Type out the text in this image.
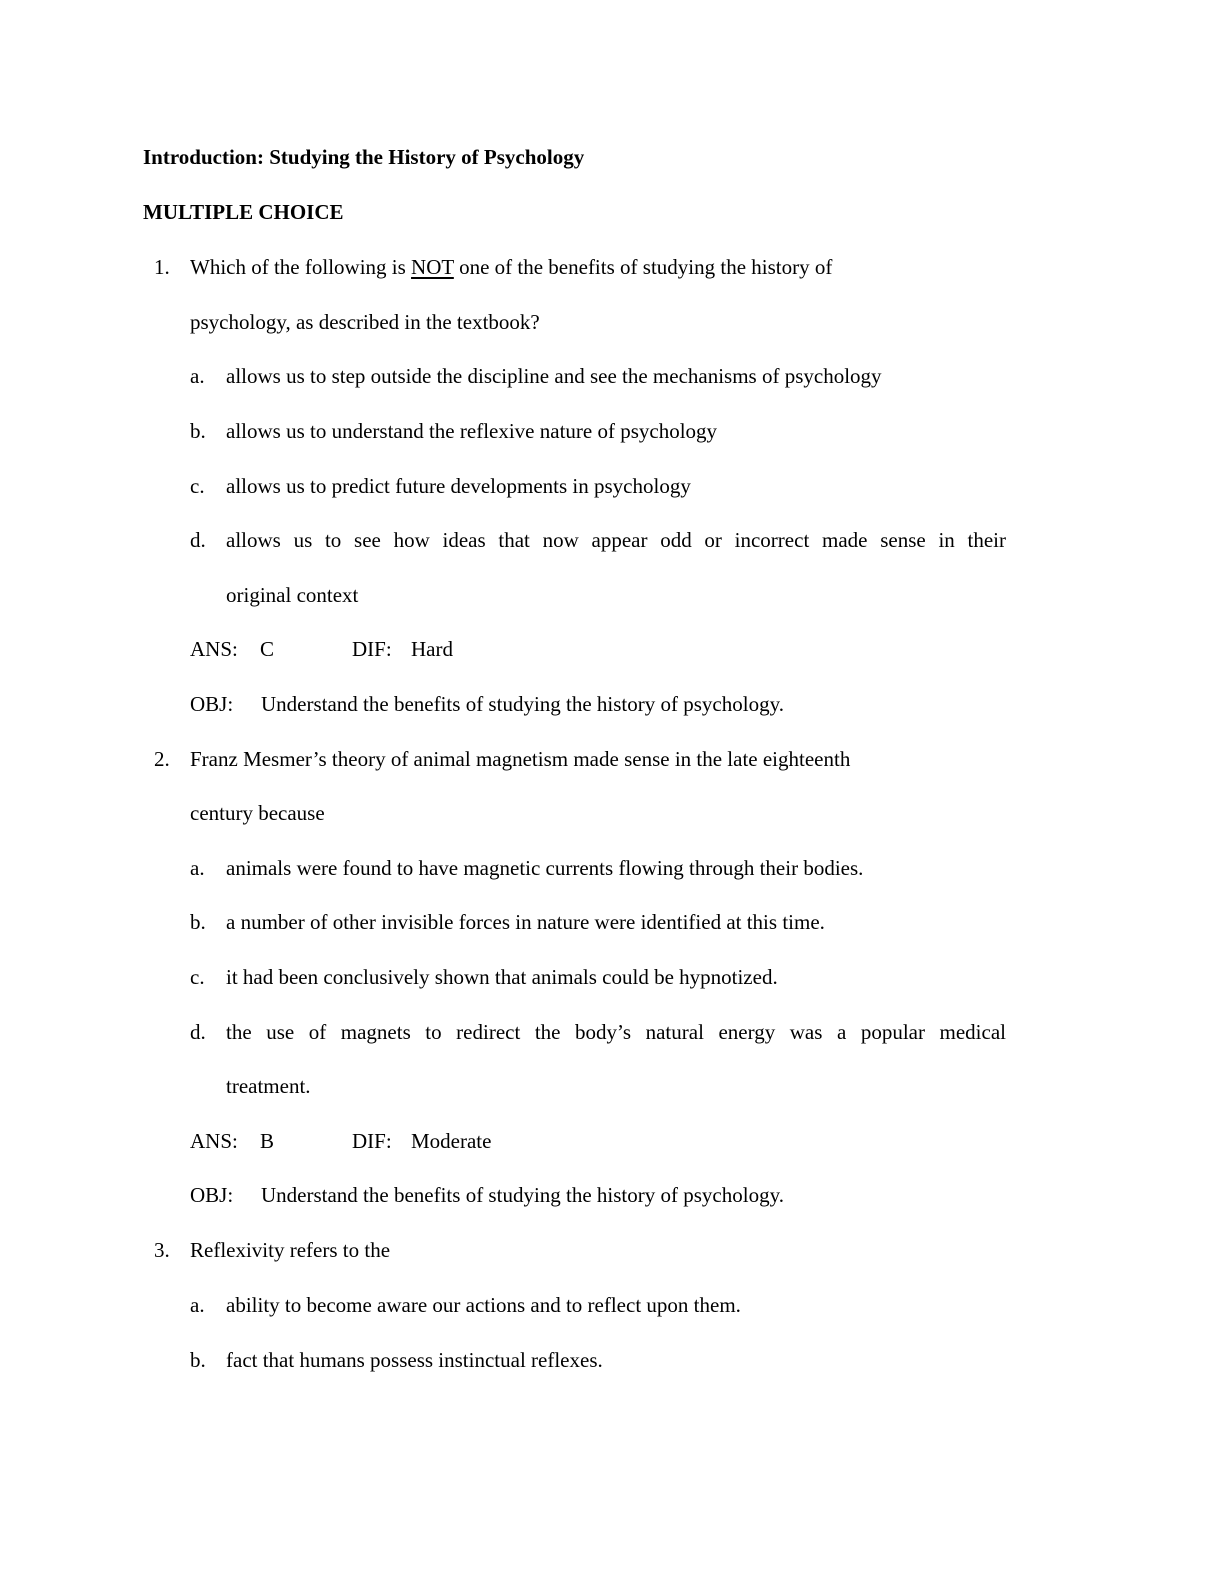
Introduction: Studying the History of Psychology
MULTIPLE CHOICE
1. Which of the following is NOT one of the benefits of studying the history of
psychology, as described in the textbook?
a. allows us to step outside the discipline and see the mechanisms of psychology
b. allows us to understand the reflexive nature of psychology
c. allows us to predict future developments in psychology
d. allows us to see how ideas that now appear odd or incorrect made sense in their
original context
ANS: C	DIF: Hard
OBJ: Understand the benefits of studying the history of psychology.
2. Franz Mesmer’s theory of animal magnetism made sense in the late eighteenth
century because
a. animals were found to have magnetic currents flowing through their bodies.
b. a number of other invisible forces in nature were identified at this time.
c. it had been conclusively shown that animals could be hypnotized.
d. the use of magnets to redirect the body’s natural energy was a popular medical
treatment.
ANS: B	DIF: Moderate
OBJ: Understand the benefits of studying the history of psychology.
3. Reflexivity refers to the
a. ability to become aware our actions and to reflect upon them.
b. fact that humans possess instinctual reflexes.
